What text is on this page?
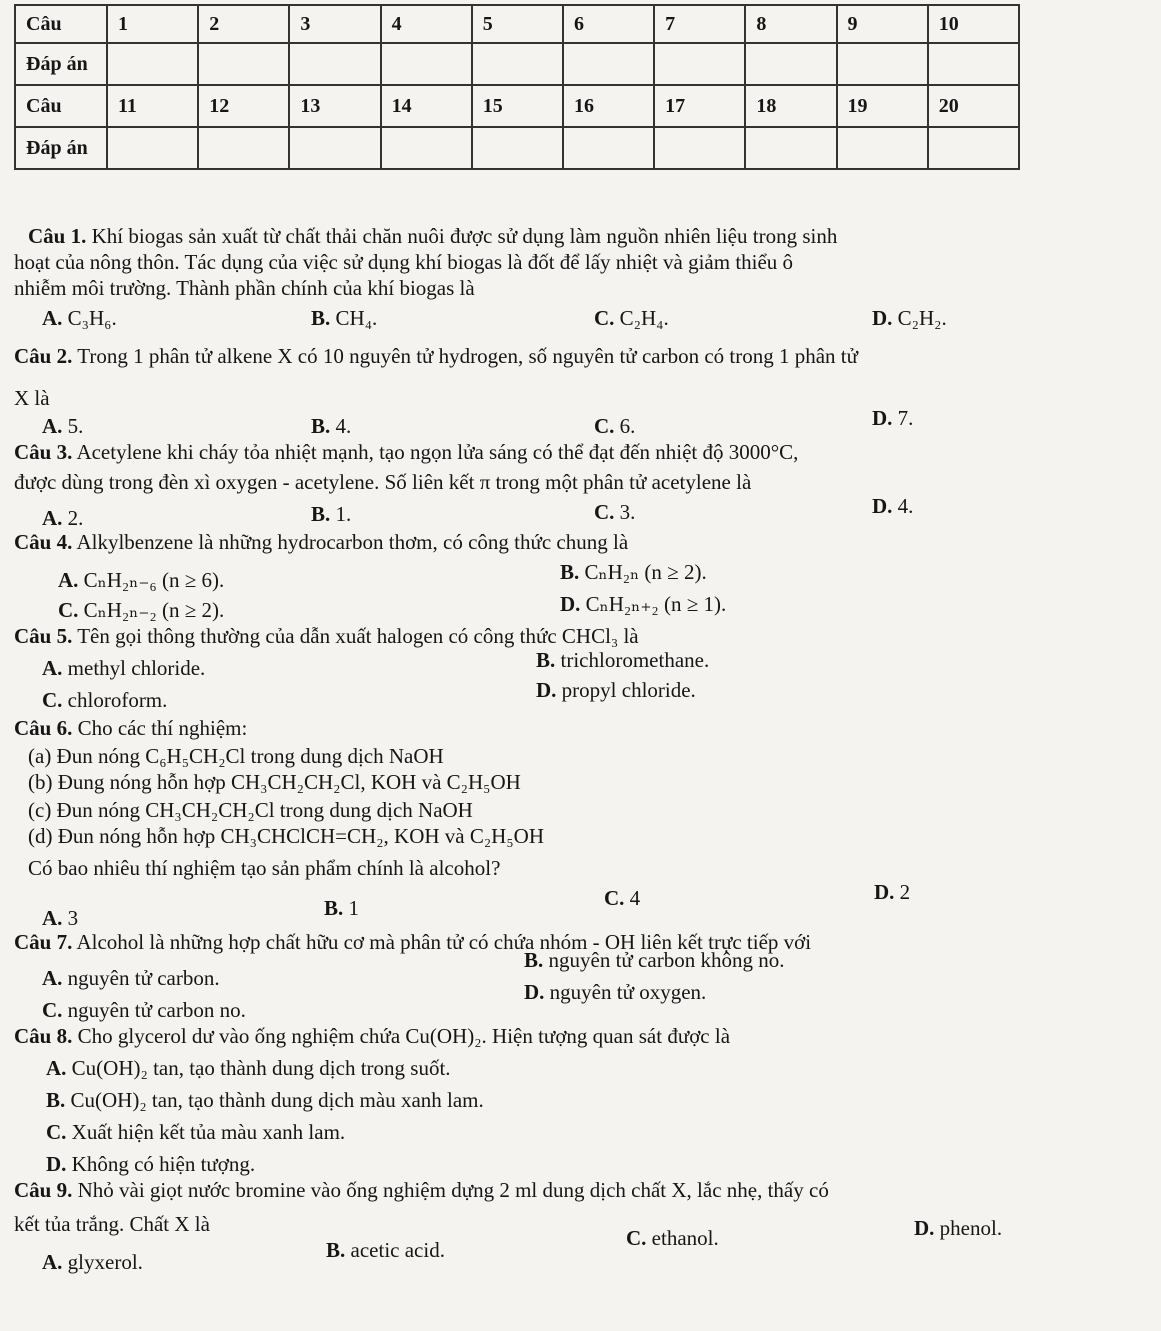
Câu	1	2	3	4	5	6	7	8	9	10
Đáp án										
Câu	11	12	13	14	15	16	17	18	19	20
Đáp án										
Câu 1. Khí biogas sản xuất từ chất thải chăn nuôi được sử dụng làm nguồn nhiên liệu trong sinh
hoạt của nông thôn. Tác dụng của việc sử dụng khí biogas là đốt để lấy nhiệt và giảm thiểu ô
nhiễm môi trường. Thành phần chính của khí biogas là
A. C₃H₆.	B. CH₄.	C. C₂H₄.	D. C₂H₂.
Câu 2. Trong 1 phân tử alkene X có 10 nguyên tử hydrogen, số nguyên tử carbon có trong 1 phân tử
X là
A. 5.	B. 4.	C. 6.	D. 7.
Câu 3. Acetylene khi cháy tỏa nhiệt mạnh, tạo ngọn lửa sáng có thể đạt đến nhiệt độ 3000°C,
được dùng trong đèn xì oxygen - acetylene. Số liên kết π trong một phân tử acetylene là
A. 2.	B. 1.	C. 3.	D. 4.
Câu 4. Alkylbenzene là những hydrocarbon thơm, có công thức chung là
A. CₙH₂ₙ₋₆ (n ≥ 6).	B. CₙH₂ₙ (n ≥ 2).
C. CₙH₂ₙ₋₂ (n ≥ 2).	D. CₙH₂ₙ₊₂ (n ≥ 1).
Câu 5. Tên gọi thông thường của dẫn xuất halogen có công thức CHCl₃ là
A. methyl chloride.	B. trichloromethane.
C. chloroform.	D. propyl chloride.
Câu 6. Cho các thí nghiệm:
(a) Đun nóng C₆H₅CH₂Cl trong dung dịch NaOH
(b) Đung nóng hỗn hợp CH₃CH₂CH₂Cl, KOH và C₂H₅OH
(c) Đun nóng CH₃CH₂CH₂Cl trong dung dịch NaOH
(d) Đun nóng hỗn hợp CH₃CHClCH=CH₂, KOH và C₂H₅OH
Có bao nhiêu thí nghiệm tạo sản phẩm chính là alcohol?
A. 3	B. 1	C. 4	D. 2
Câu 7. Alcohol là những hợp chất hữu cơ mà phân tử có chứa nhóm - OH liên kết trực tiếp với
A. nguyên tử carbon.
B. nguyên tử carbon không no.
C. nguyên tử carbon no.
D. nguyên tử oxygen.
Câu 8. Cho glycerol dư vào ống nghiệm chứa Cu(OH)₂. Hiện tượng quan sát được là
A. Cu(OH)₂ tan, tạo thành dung dịch trong suốt.
B. Cu(OH)₂ tan, tạo thành dung dịch màu xanh lam.
C. Xuất hiện kết tủa màu xanh lam.
D. Không có hiện tượng.
Câu 9. Nhỏ vài giọt nước bromine vào ống nghiệm dựng 2 ml dung dịch chất X, lắc nhẹ, thấy có
kết tủa trắng. Chất X là
A. glyxerol.	B. acetic acid.	C. ethanol.	D. phenol.
